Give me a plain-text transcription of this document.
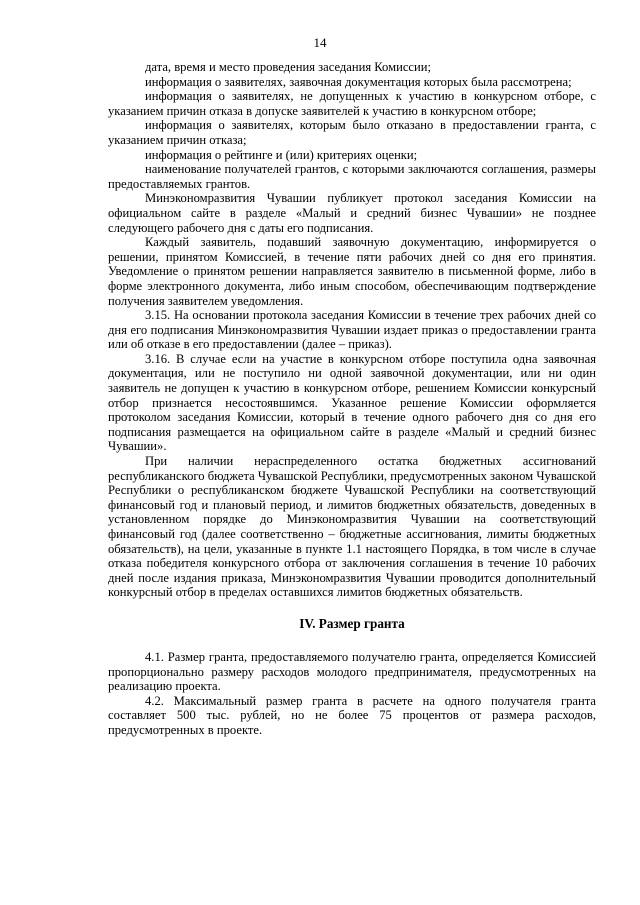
14

дата, время и место проведения заседания Комиссии;

информация о заявителях, заявочная документация которых была рассмотрена;

информация о заявителях, не допущенных к участию в конкурсном отборе, с указанием причин отказа в допуске заявителей к участию в конкурсном отборе;

информация о заявителях, которым было отказано в предоставлении гранта, с указанием причин отказа;

информация о рейтинге и (или) критериях оценки;

наименование получателей грантов, с которыми заключаются соглашения, размеры предоставляемых грантов.

Минэкономразвития Чувашии публикует протокол заседания Комиссии на официальном сайте в разделе «Малый и средний бизнес Чувашии» не позднее следующего рабочего дня с даты его подписания.

Каждый заявитель, подавший заявочную документацию, информируется о решении, принятом Комиссией, в течение пяти рабочих дней со дня его принятия. Уведомление о принятом решении направляется заявителю в письменной форме, либо в форме электронного документа, либо иным способом, обеспечивающим подтверждение получения заявителем уведомления.

3.15. На основании протокола заседания Комиссии в течение трех рабочих дней со дня его подписания Минэкономразвития Чувашии издает приказ о предоставлении гранта или об отказе в его предоставлении (далее – приказ).

3.16. В случае если на участие в конкурсном отборе поступила одна заявочная документация, или не поступило ни одной заявочной документации, или ни один заявитель не допущен к участию в конкурсном отборе, решением Комиссии конкурсный отбор признается несостоявшимся. Указанное решение Комиссии оформляется протоколом заседания Комиссии, который в течение одного рабочего дня со дня его подписания размещается на официальном сайте в разделе «Малый и средний бизнес Чувашии».

При наличии нераспределенного остатка бюджетных ассигнований республиканского бюджета Чувашской Республики, предусмотренных законом Чувашской Республики о республиканском бюджете Чувашской Республики на соответствующий финансовый год и плановый период, и лимитов бюджетных обязательств, доведенных в установленном порядке до Минэкономразвития Чувашии на соответствующий финансовый год (далее соответственно – бюджетные ассигнования, лимиты бюджетных обязательств), на цели, указанные в пункте 1.1 настоящего Порядка, в том числе в случае отказа победителя конкурсного отбора от заключения соглашения в течение 10 рабочих дней после издания приказа, Минэкономразвития Чувашии проводится дополнительный конкурсный отбор в пределах оставшихся лимитов бюджетных обязательств.

IV. Размер гранта

4.1. Размер гранта, предоставляемого получателю гранта, определяется Комиссией пропорционально размеру расходов молодого предпринимателя, предусмотренных на реализацию проекта.

4.2. Максимальный размер гранта в расчете на одного получателя гранта составляет 500 тыс. рублей, но не более 75 процентов от размера расходов, предусмотренных в проекте.
